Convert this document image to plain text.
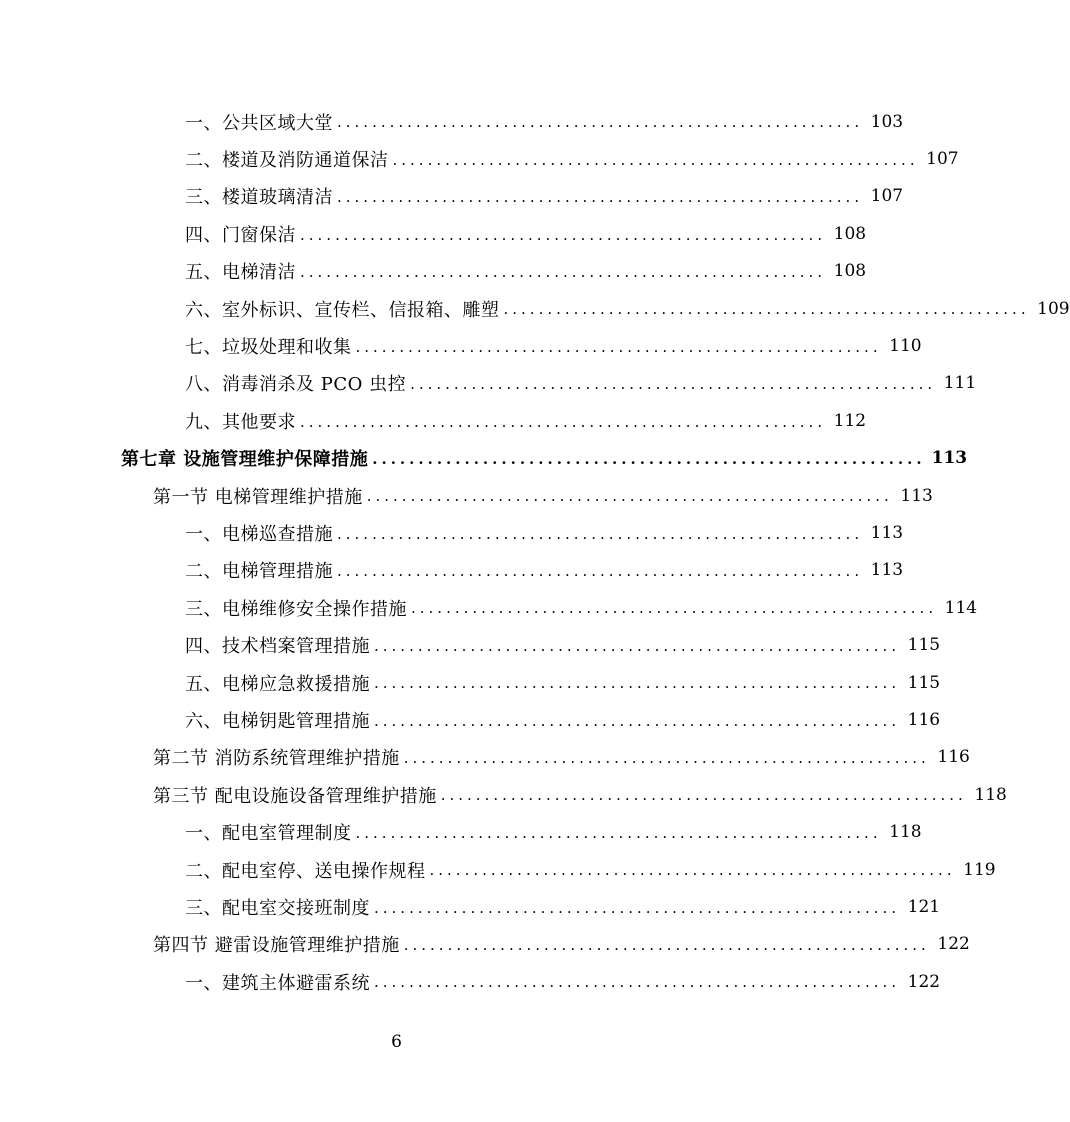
一、公共区域大堂 ............................................................ 103
二、楼道及消防通道保洁 ............................................................ 107
三、楼道玻璃清洁 ............................................................ 107
四、门窗保洁 ............................................................ 108
五、电梯清洁 ............................................................ 108
六、室外标识、宣传栏、信报箱、雕塑 ............................................................ 109
七、垃圾处理和收集 ............................................................ 110
八、消毒消杀及 PCO 虫控 ............................................................ 111
九、其他要求 ............................................................ 112
第七章 设施管理维护保障措施 ............................................................ 113
第一节 电梯管理维护措施 ............................................................ 113
一、电梯巡查措施 ............................................................ 113
二、电梯管理措施 ............................................................ 113
三、电梯维修安全操作措施 ............................................................ 114
四、技术档案管理措施 ............................................................ 115
五、电梯应急救援措施 ............................................................ 115
六、电梯钥匙管理措施 ............................................................ 116
第二节 消防系统管理维护措施 ............................................................ 116
第三节 配电设施设备管理维护措施 ............................................................ 118
一、配电室管理制度 ............................................................ 118
二、配电室停、送电操作规程 ............................................................ 119
三、配电室交接班制度 ............................................................ 121
第四节 避雷设施管理维护措施 ............................................................ 122
一、建筑主体避雷系统 ............................................................ 122
6
